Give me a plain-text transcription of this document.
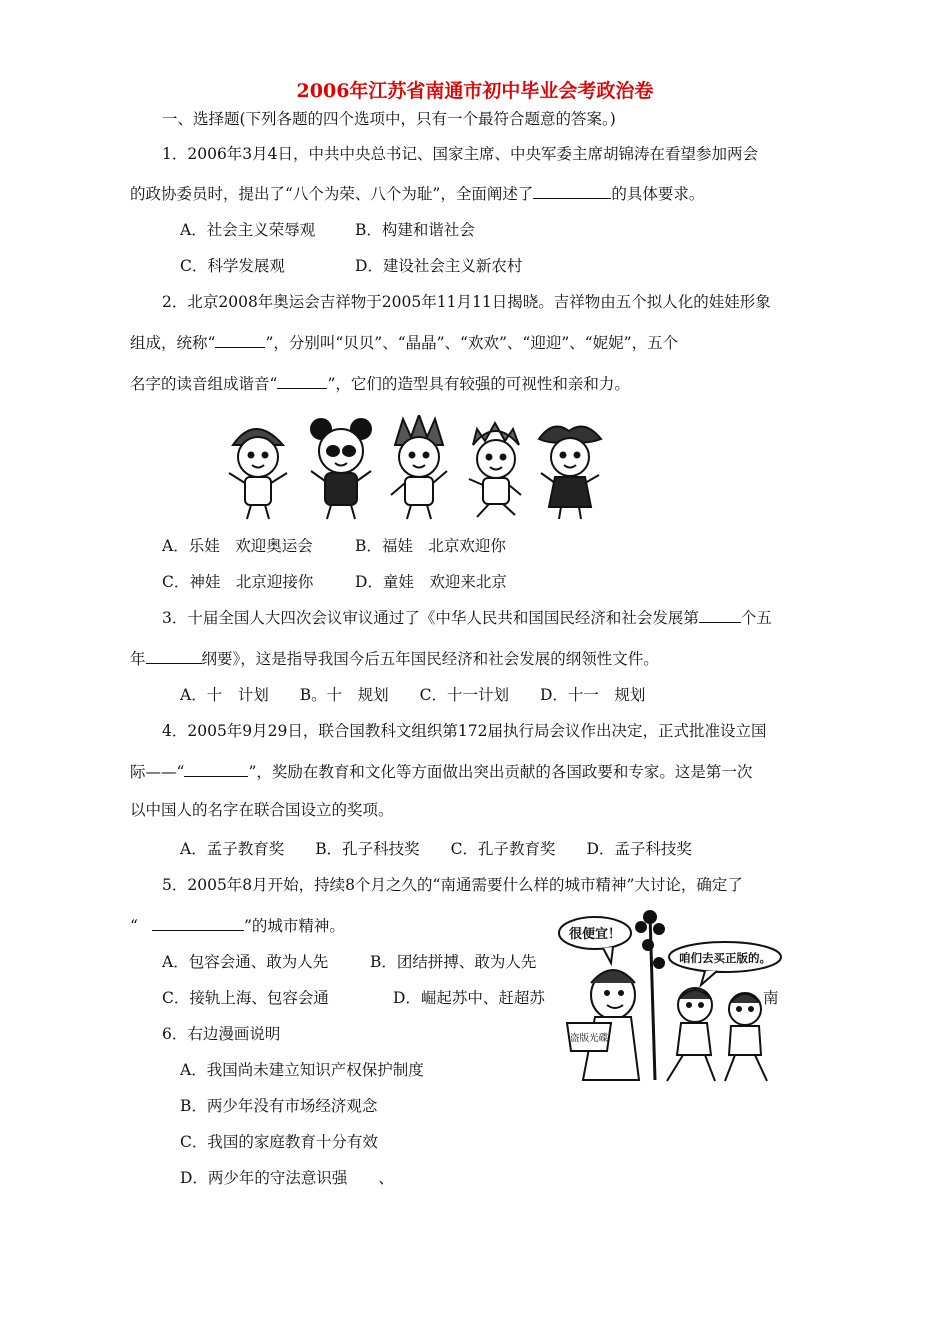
2006年江苏省南通市初中毕业会考政治卷
一、选择题(下列各题的四个选项中，只有一个最符合题意的答案。)
1．2006年3月4日，中共中央总书记、国家主席、中央军委主席胡锦涛在看望参加两会
的政协委员时，提出了“八个为荣、八个为耻”，全面阐述了	的具体要求。
A．社会主义荣辱观	B．构建和谐社会
C．科学发展观	D．建设社会主义新农村
2．北京2008年奥运会吉祥物于2005年11月11日揭晓。吉祥物由五个拟人化的娃娃形象
组成，统称“	”，分别叫“贝贝”、“晶晶”、“欢欢”、“迎迎”、“妮妮”，五个
名字的读音组成谐音“	”，它们的造型具有较强的可视性和亲和力。
A．乐娃　欢迎奥运会	B．福娃　北京欢迎你
C．神娃　北京迎接你	D．童娃　欢迎来北京
3．十届全国人大四次会议审议通过了《中华人民共和国国民经济和社会发展第	个五
年	纲要》，这是指导我国今后五年国民经济和社会发展的纲领性文件。
A．十　计划　　B。十　规划　　C．十一计划　　D．十一　规划
4．2005年9月29日，联合国教科文组织第172届执行局会议作出决定，正式批准设立国
际——“	”，奖励在教育和文化等方面做出突出贡献的各国政要和专家。这是第一次
以中国人的名字在联合国设立的奖项。
A．孟子教育奖　　B．孔子科技奖　　C．孔子教育奖　　D．孟子科技奖
5．2005年8月开始，持续8个月之久的“南通需要什么样的城市精神”大讨论，确定了
“	”的城市精神。
A．包容会通、敢为人先	B．团结拼搏、敢为人先
C．接轨上海、包容会通	D．崛起苏中、赶超苏	南
6．右边漫画说明
A．我国尚未建立知识产权保护制度
B．两少年没有市场经济观念
C．我国的家庭教育十分有效
D．两少年的守法意识强　　、
很便宜！
咱们去买正版的。
盗版光碟
